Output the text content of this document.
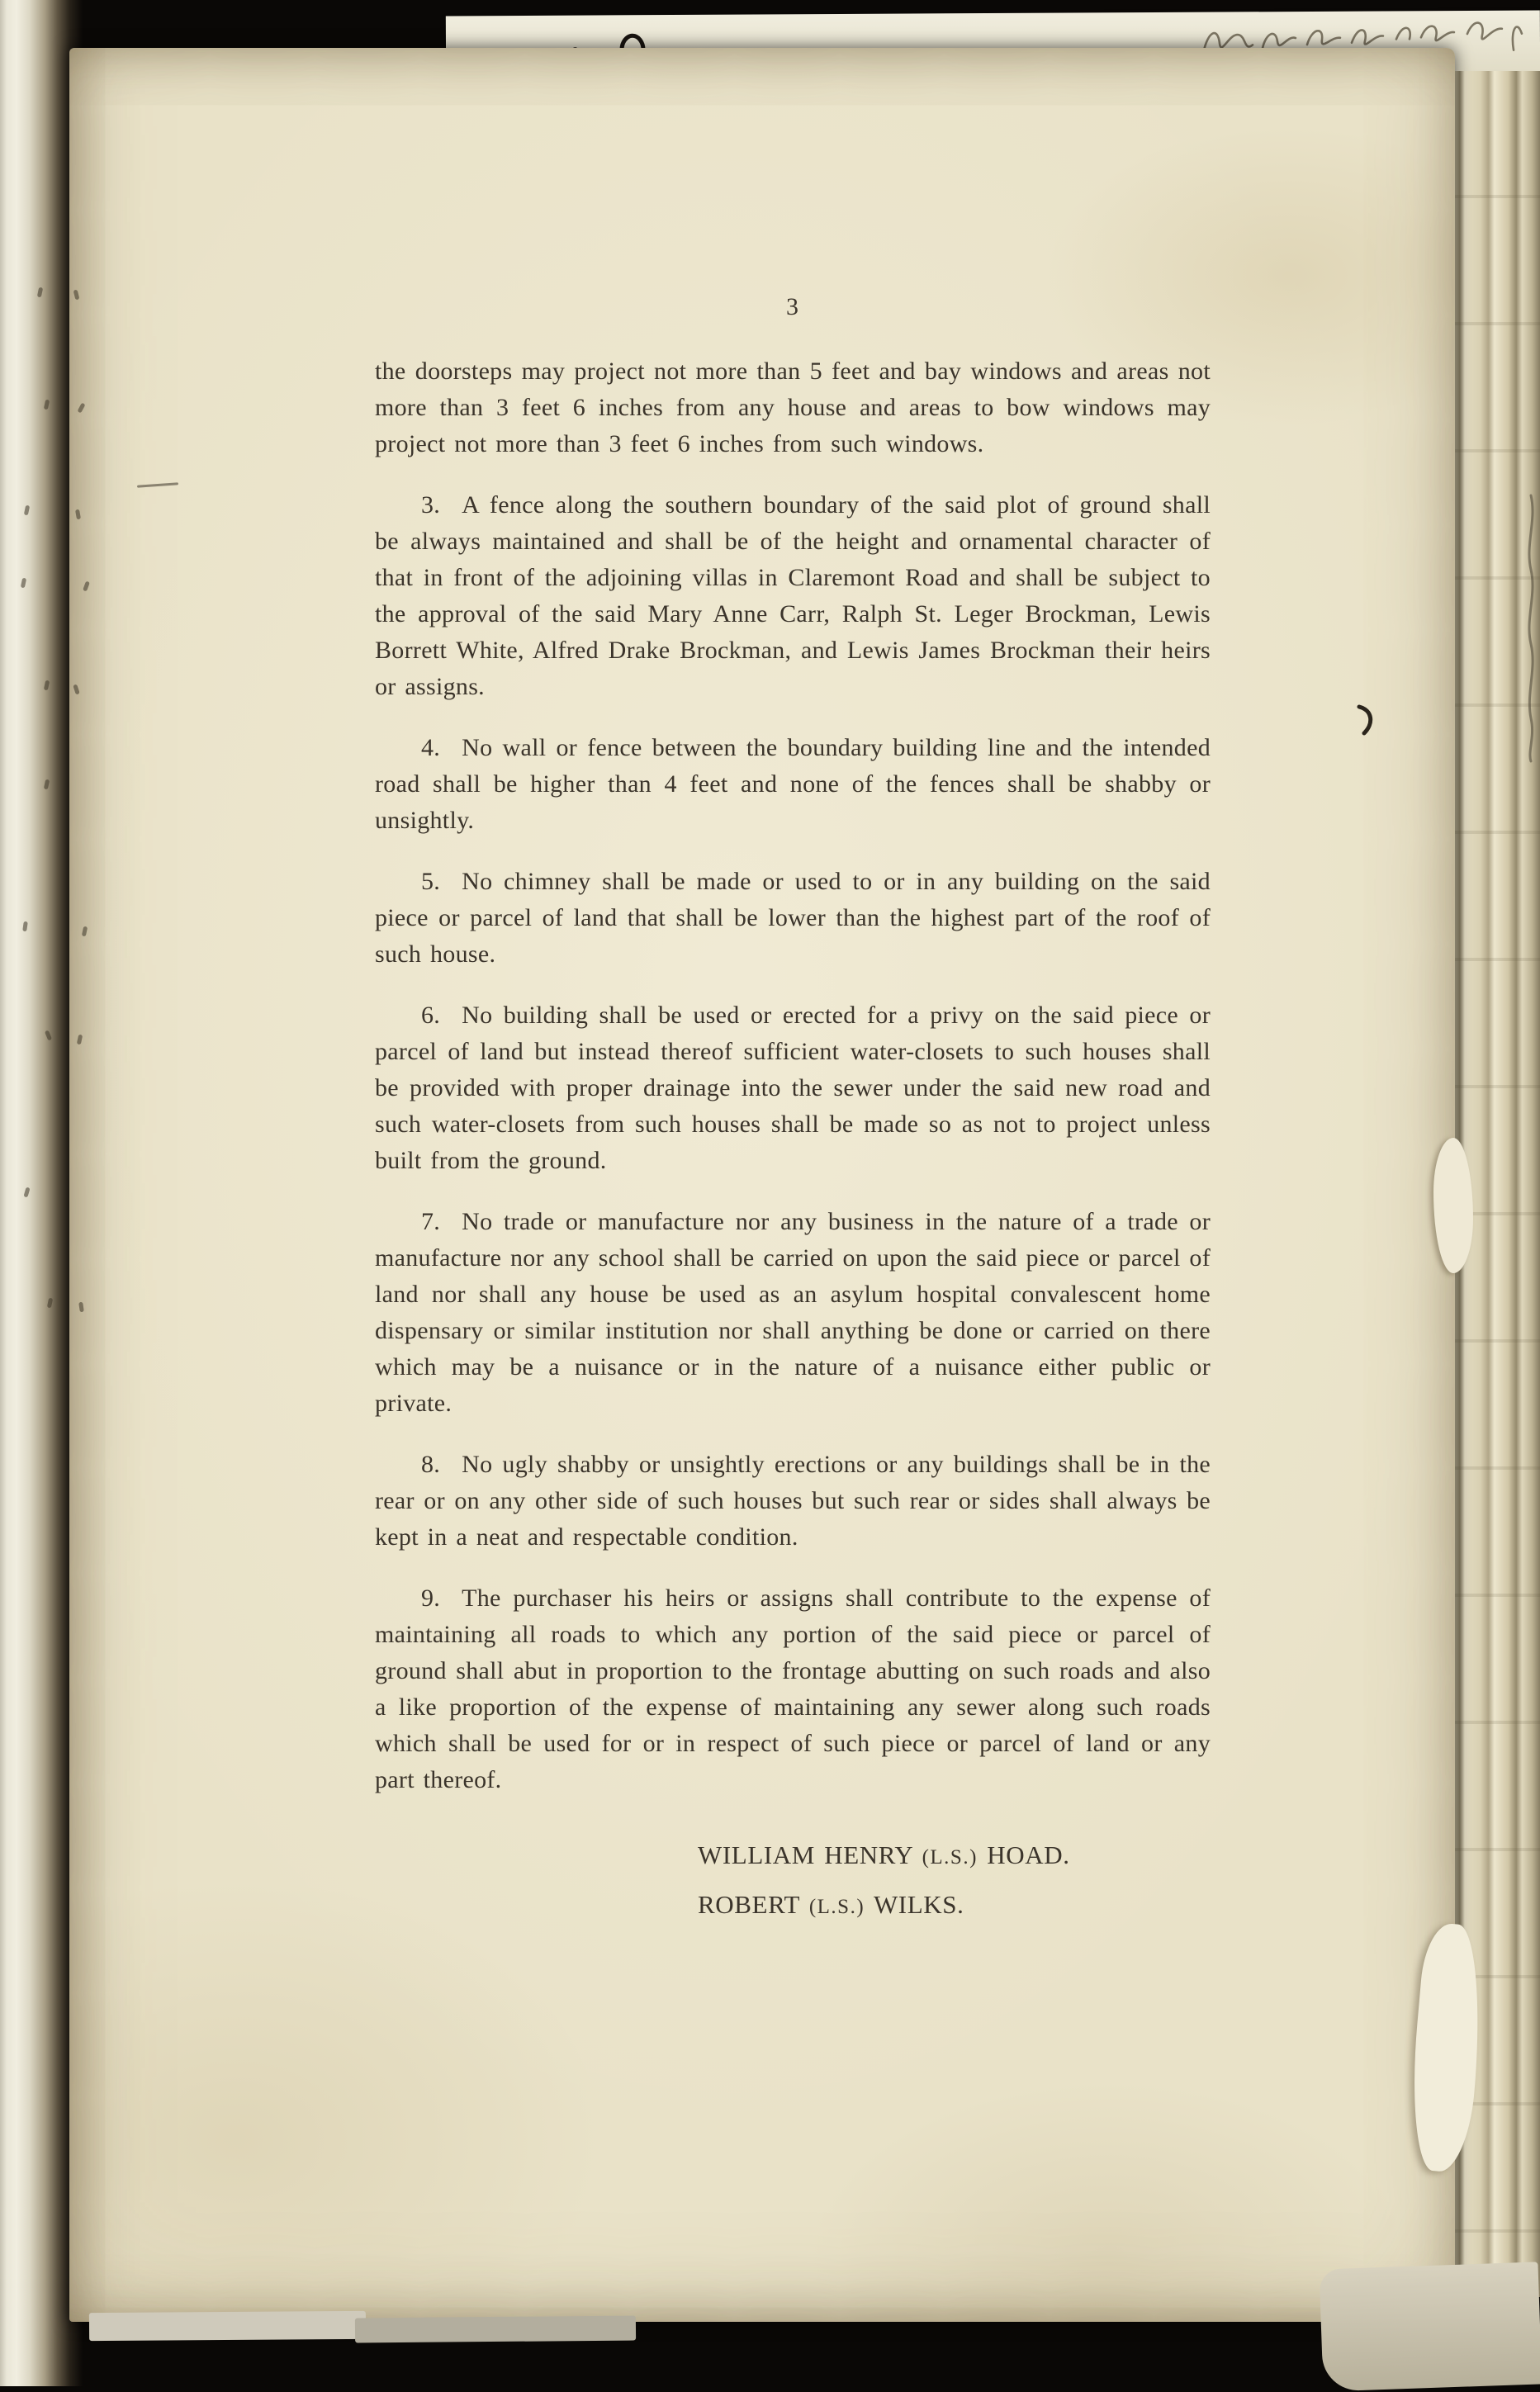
3

the doorsteps may project not more than 5 feet and bay windows and areas not more than 3 feet 6 inches from any house and areas to bow windows may project not more than 3 feet 6 inches from such windows.

3. A fence along the southern boundary of the said plot of ground shall be always maintained and shall be of the height and ornamental character of that in front of the adjoining villas in Claremont Road and shall be subject to the approval of the said Mary Anne Carr, Ralph St. Leger Brockman, Lewis Borrett White, Alfred Drake Brockman, and Lewis James Brockman their heirs or assigns.

4. No wall or fence between the boundary building line and the intended road shall be higher than 4 feet and none of the fences shall be shabby or unsightly.

5. No chimney shall be made or used to or in any building on the said piece or parcel of land that shall be lower than the highest part of the roof of such house.

6. No building shall be used or erected for a privy on the said piece or parcel of land but instead thereof sufficient water-closets to such houses shall be provided with proper drainage into the sewer under the said new road and such water-closets from such houses shall be made so as not to project unless built from the ground.

7. No trade or manufacture nor any business in the nature of a trade or manufacture nor any school shall be carried on upon the said piece or parcel of land nor shall any house be used as an asylum hospital convalescent home dispensary or similar institution nor shall anything be done or carried on there which may be a nuisance or in the nature of a nuisance either public or private.

8. No ugly shabby or unsightly erections or any buildings shall be in the rear or on any other side of such houses but such rear or sides shall always be kept in a neat and respectable condition.

9. The purchaser his heirs or assigns shall contribute to the expense of maintaining all roads to which any portion of the said piece or parcel of ground shall abut in proportion to the frontage abutting on such roads and also a like proportion of the expense of maintaining any sewer along such roads which shall be used for or in respect of such piece or parcel of land or any part thereof.

WILLIAM HENRY (L.S.) HOAD.
ROBERT (L.S.) WILKS.
